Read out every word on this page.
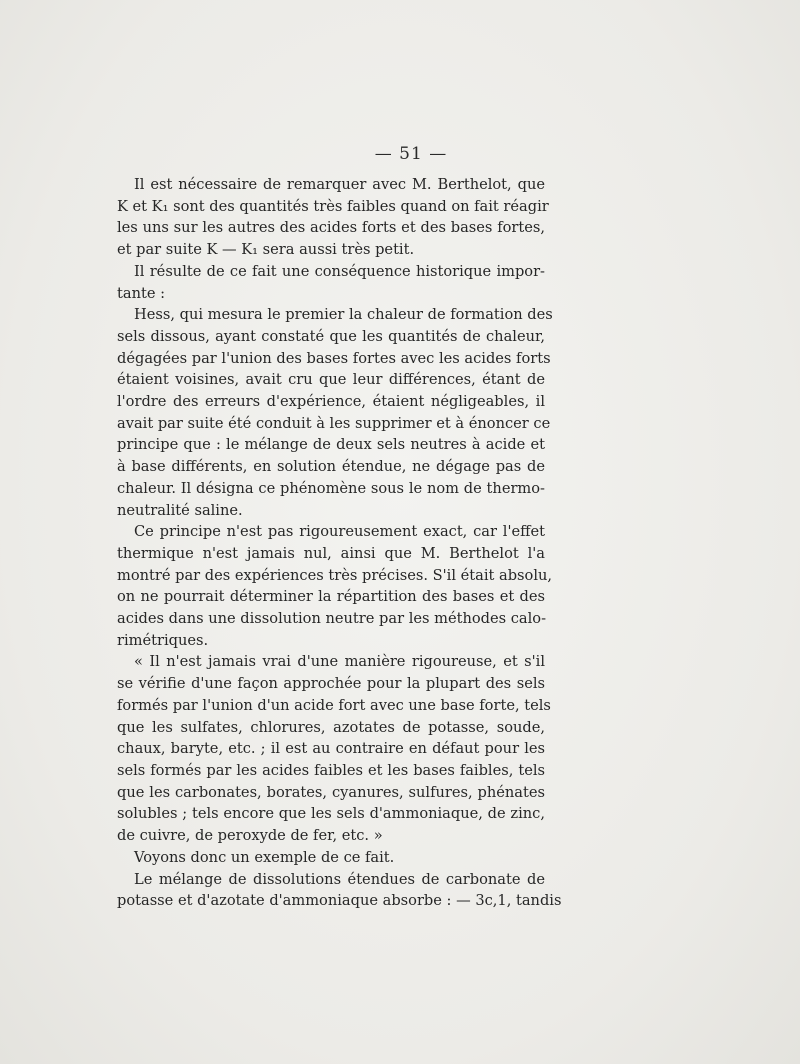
— 51 —
Il est nécessaire de remarquer avec M. Berthelot, que
K et K₁ sont des quantités très faibles quand on fait réagir
les uns sur les autres des acides forts et des bases fortes,
et par suite K — K₁ sera aussi très petit.
Il résulte de ce fait une conséquence historique impor-
tante :
Hess, qui mesura le premier la chaleur de formation des
sels dissous, ayant constaté que les quantités de chaleur,
dégagées par l'union des bases fortes avec les acides forts
étaient voisines, avait cru que leur différences, étant de
l'ordre des erreurs d'expérience, étaient négligeables, il
avait par suite été conduit à les supprimer et à énoncer ce
principe que : le mélange de deux sels neutres à acide et
à base différents, en solution étendue, ne dégage pas de
chaleur. Il désigna ce phénomène sous le nom de thermo-
neutralité saline.
Ce principe n'est pas rigoureusement exact, car l'effet
thermique n'est jamais nul, ainsi que M. Berthelot l'a
montré par des expériences très précises. S'il était absolu,
on ne pourrait déterminer la répartition des bases et des
acides dans une dissolution neutre par les méthodes calo-
rimétriques.
« Il n'est jamais vrai d'une manière rigoureuse, et s'il
se vérifie d'une façon approchée pour la plupart des sels
formés par l'union d'un acide fort avec une base forte, tels
que les sulfates, chlorures, azotates de potasse, soude,
chaux, baryte, etc. ; il est au contraire en défaut pour les
sels formés par les acides faibles et les bases faibles, tels
que les carbonates, borates, cyanures, sulfures, phénates
solubles ; tels encore que les sels d'ammoniaque, de zinc,
de cuivre, de peroxyde de fer, etc. »
Voyons donc un exemple de ce fait.
Le mélange de dissolutions étendues de carbonate de
potasse et d'azotate d'ammoniaque absorbe : — 3c,1, tandis
